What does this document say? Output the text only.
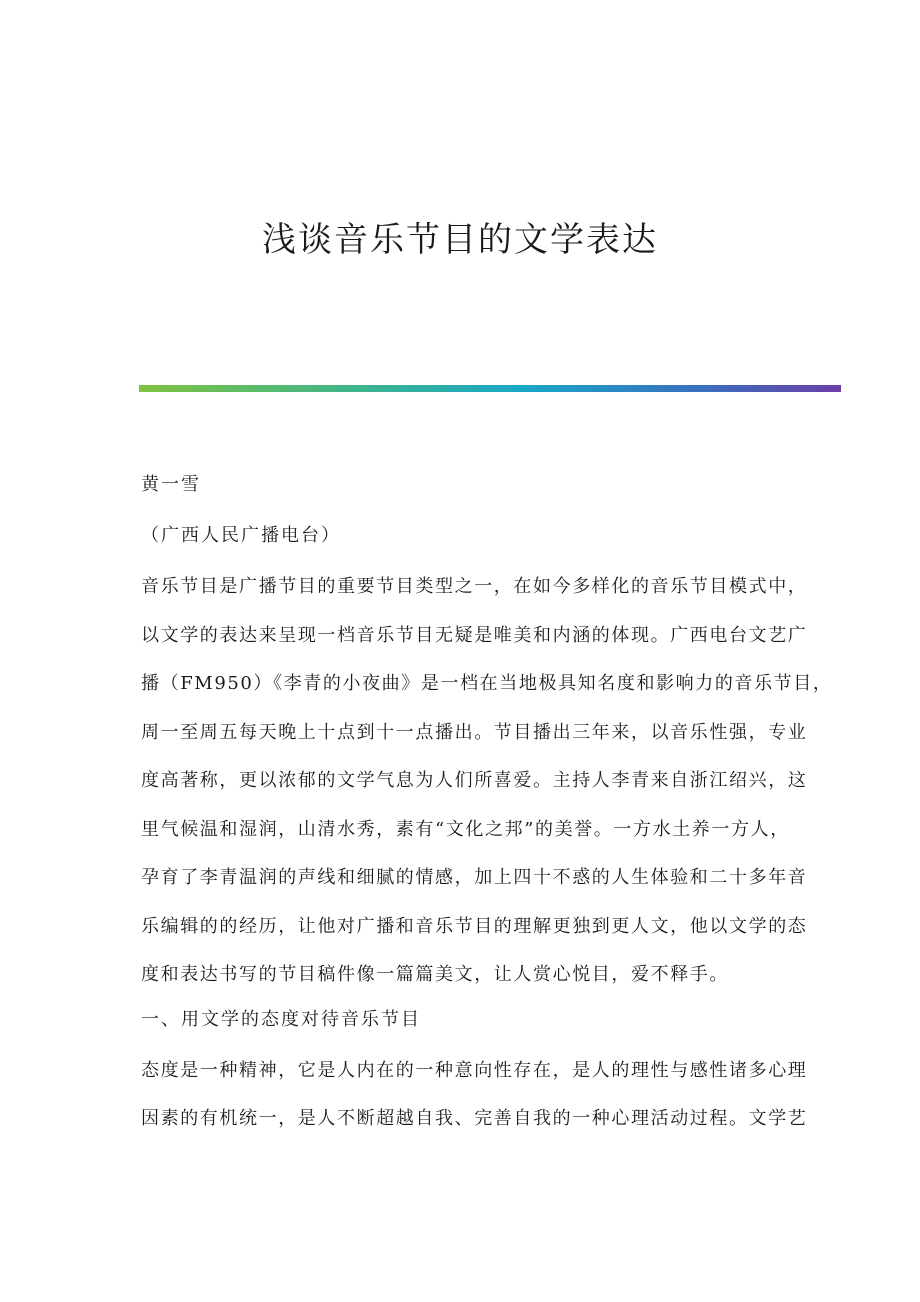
浅谈音乐节目的文学表达
黄一雪
（广西人民广播电台）
音乐节目是广播节目的重要节目类型之一，在如今多样化的音乐节目模式中，
以文学的表达来呈现一档音乐节目无疑是唯美和内涵的体现。广西电台文艺广
播（FM950）《李青的小夜曲》是一档在当地极具知名度和影响力的音乐节目，
周一至周五每天晚上十点到十一点播出。节目播出三年来，以音乐性强，专业
度高著称，更以浓郁的文学气息为人们所喜爱。主持人李青来自浙江绍兴，这
里气候温和湿润，山清水秀，素有“文化之邦”的美誉。一方水土养一方人，
孕育了李青温润的声线和细腻的情感，加上四十不惑的人生体验和二十多年音
乐编辑的的经历，让他对广播和音乐节目的理解更独到更人文，他以文学的态
度和表达书写的节目稿件像一篇篇美文，让人赏心悦目，爱不释手。
一、用文学的态度对待音乐节目
态度是一种精神，它是人内在的一种意向性存在，是人的理性与感性诸多心理
因素的有机统一，是人不断超越自我、完善自我的一种心理活动过程。文学艺
